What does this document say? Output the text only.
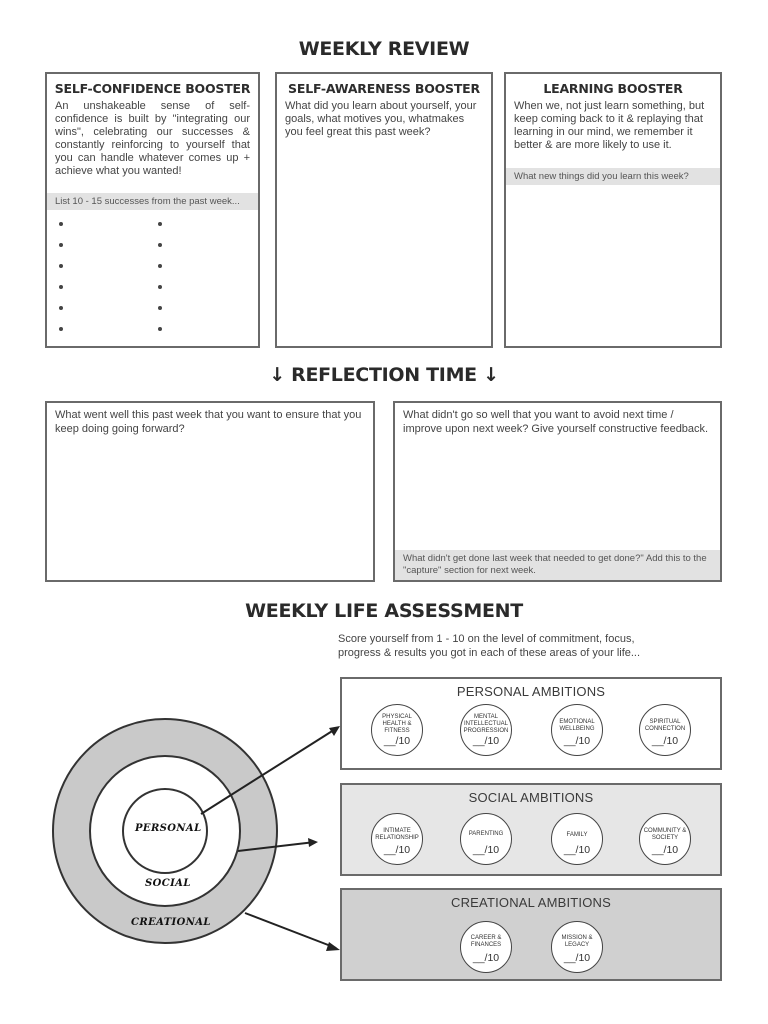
WEEKLY REVIEW
SELF-CONFIDENCE BOOSTER
An unshakeable sense of self-confidence is built by "integrating our wins", celebrating our successes & constantly reinforcing to yourself that you can handle whatever comes up + achieve what you wanted!
List 10 - 15 successes from the past week...
SELF-AWARENESS BOOSTER
What did you learn about yourself, your goals, what motives you, whatmakes you feel great this past week?
LEARNING BOOSTER
When we, not just learn something, but keep coming back to it & replaying that learning in our mind, we remember it better & are more likely to use it.
What new things did you learn this week?
↓ REFLECTION TIME ↓
What went well this past week that you want to ensure that you keep doing going forward?
What didn't go so well that you want to avoid next time / improve upon next week? Give yourself constructive feedback.
What didn't get done last week that needed to get done?" Add this to the "capture" section for next week.
WEEKLY LIFE ASSESSMENT
Score yourself from 1 - 10 on the level of commitment, focus, progress & results you got in each of these areas of your life...
PERSONAL
SOCIAL
CREATIONAL
PERSONAL AMBITIONS
PHYSICAL HEALTH & FITNESS
__/10
MENTAL INTELLECTUAL PROGRESSION
__/10
EMOTIONAL WELLBEING
__/10
SPIRITUAL CONNECTION
__/10
SOCIAL AMBITIONS
INTIMATE RELATIONSHIP
__/10
PARENTING
__/10
FAMILY
__/10
COMMUNITY & SOCIETY
__/10
CREATIONAL AMBITIONS
CAREER & FINANCES
__/10
MISSION & LEGACY
__/10
